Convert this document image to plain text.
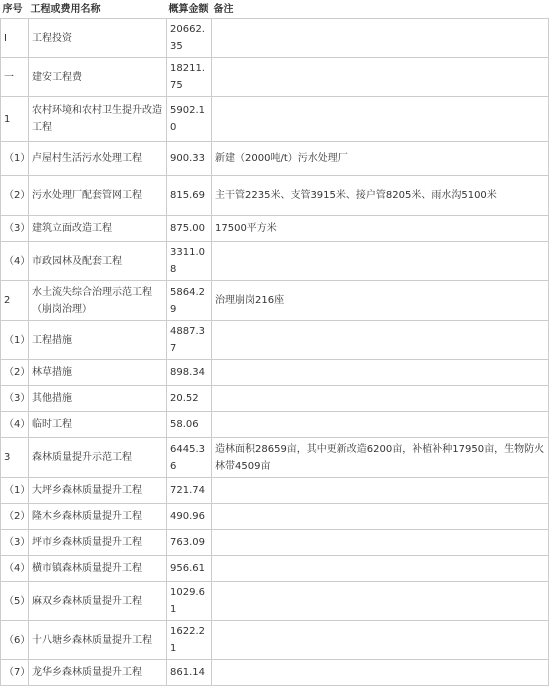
序号	工程或费用名称	概算金额	备注
I	工程投资	20662.35	
一	建安工程费	18211.75	
1	农村环境和农村卫生提升改造工程	5902.10	
（1）	卢屋村生活污水处理工程	900.33	新建（2000吨/t）污水处理厂
（2）	污水处理厂配套管网工程	815.69	主干管2235米、支管3915米、接户管8205米、雨水沟5100米
（3）	建筑立面改造工程	875.00	17500平方米
（4）	市政园林及配套工程	3311.08	
2	水土流失综合治理示范工程（崩岗治理）	5864.29	治理崩岗216座
（1）	工程措施	4887.37	
（2）	林草措施	898.34	
（3）	其他措施	20.52	
（4）	临时工程	58.06	
3	森林质量提升示范工程	6445.36	造林面积28659亩，其中更新改造6200亩，补植补种17950亩，生物防火林带4509亩
（1）	大坪乡森林质量提升工程	721.74	
（2）	隆木乡森林质量提升工程	490.96	
（3）	坪市乡森林质量提升工程	763.09	
（4）	横市镇森林质量提升工程	956.61	
（5）	麻双乡森林质量提升工程	1029.61	
（6）	十八塘乡森林质量提升工程	1622.21	
（7）	龙华乡森林质量提升工程	861.14	
